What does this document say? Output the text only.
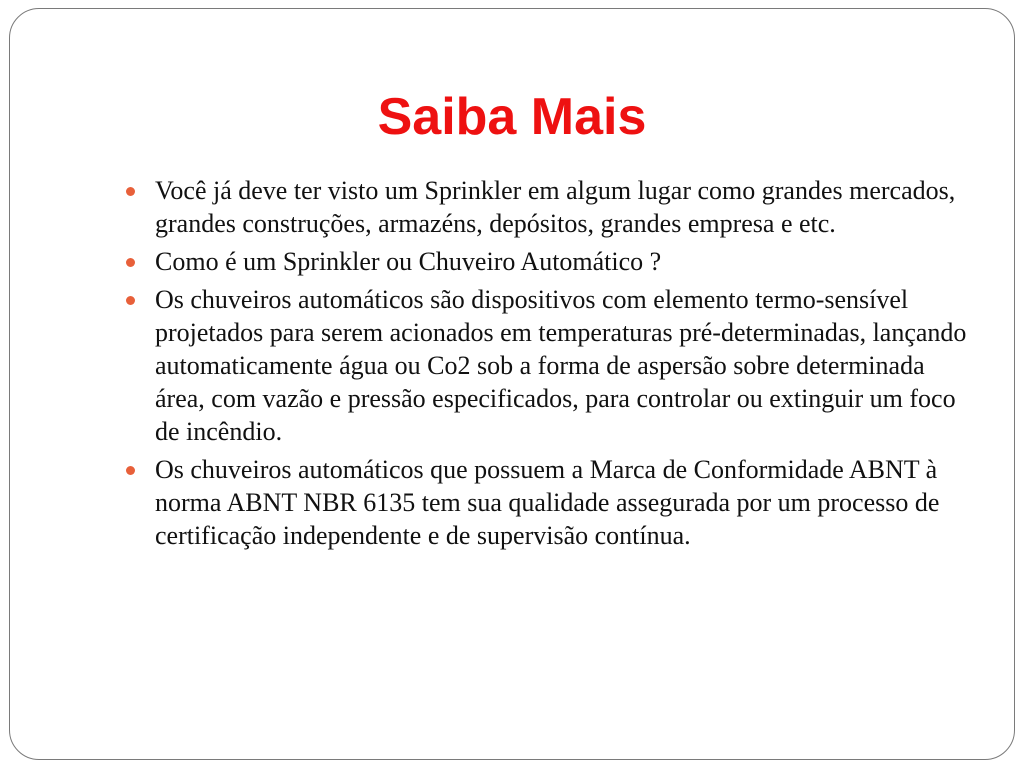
Saiba Mais
Você já deve ter visto um Sprinkler em algum lugar como grandes mercados, grandes construções, armazéns, depósitos, grandes empresa e etc.
Como é um Sprinkler ou Chuveiro Automático ?
Os chuveiros automáticos são dispositivos com elemento termo-sensível projetados para serem acionados em temperaturas pré-determinadas, lançando automaticamente água ou Co2 sob a forma de aspersão sobre determinada área, com vazão e pressão especificados, para controlar ou extinguir um foco de incêndio.
Os chuveiros automáticos que possuem a Marca de Conformidade ABNT à norma ABNT NBR 6135 tem sua qualidade assegurada por um processo de certificação independente e de supervisão contínua.
